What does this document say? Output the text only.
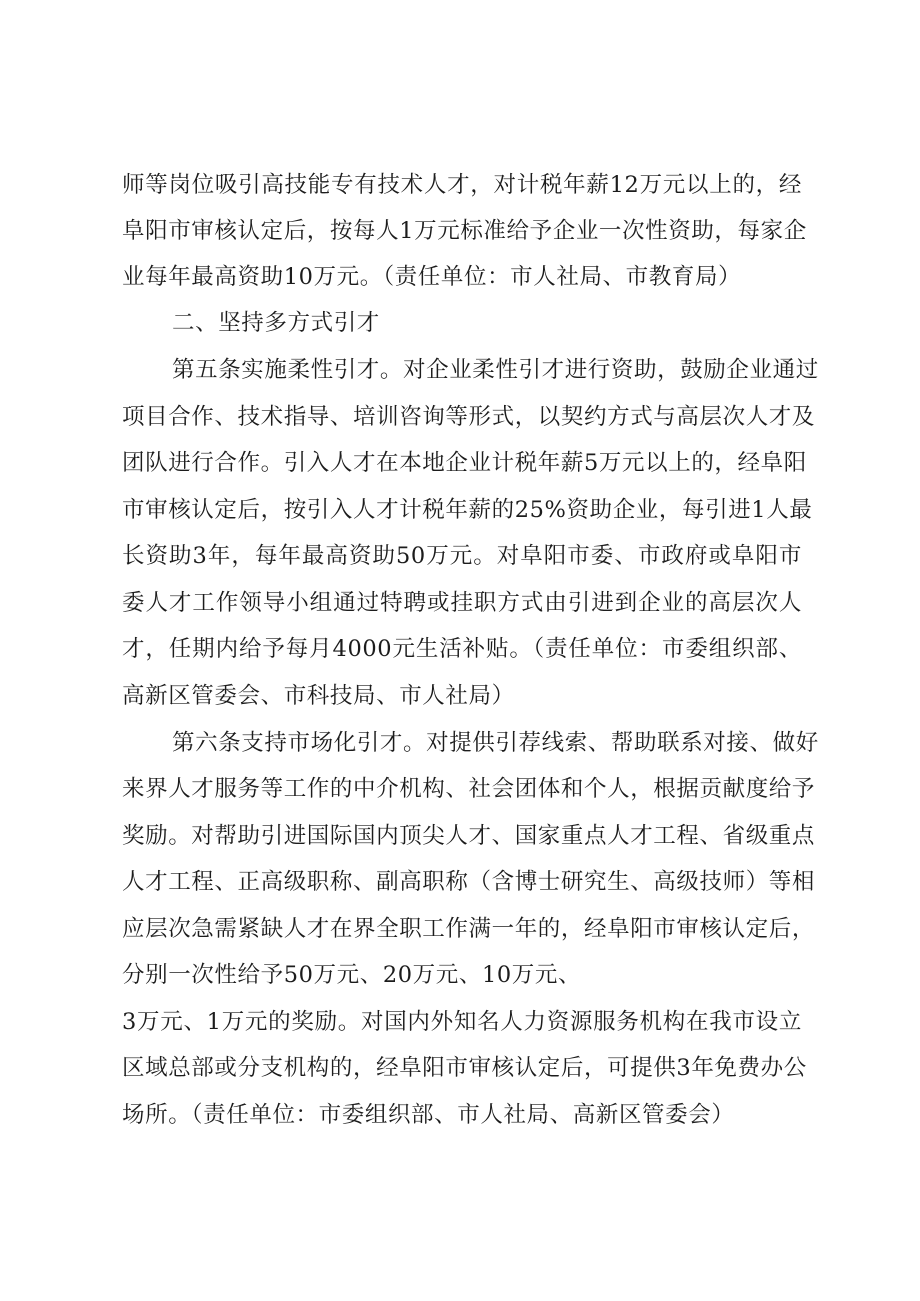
师等岗位吸引高技能专有技术人才，对计税年薪12万元以上的，经
阜阳市审核认定后，按每人1万元标准给予企业一次性资助，每家企
业每年最高资助10万元。（责任单位：市人社局、市教育局）
二、坚持多方式引才
第五条实施柔性引才。对企业柔性引才进行资助，鼓励企业通过
项目合作、技术指导、培训咨询等形式，以契约方式与高层次人才及
团队进行合作。引入人才在本地企业计税年薪5万元以上的，经阜阳
市审核认定后，按引入人才计税年薪的25%资助企业，每引进1人最
长资助3年，每年最高资助50万元。对阜阳市委、市政府或阜阳市
委人才工作领导小组通过特聘或挂职方式由引进到企业的高层次人
才，任期内给予每月4000元生活补贴。（责任单位：市委组织部、
高新区管委会、市科技局、市人社局）
第六条支持市场化引才。对提供引荐线索、帮助联系对接、做好
来界人才服务等工作的中介机构、社会团体和个人，根据贡献度给予
奖励。对帮助引进国际国内顶尖人才、国家重点人才工程、省级重点
人才工程、正高级职称、副高职称（含博士研究生、高级技师）等相
应层次急需紧缺人才在界全职工作满一年的，经阜阳市审核认定后，
分别一次性给予50万元、20万元、10万元、
3万元、1万元的奖励。对国内外知名人力资源服务机构在我市设立
区域总部或分支机构的，经阜阳市审核认定后，可提供3年免费办公
场所。（责任单位：市委组织部、市人社局、高新区管委会）
